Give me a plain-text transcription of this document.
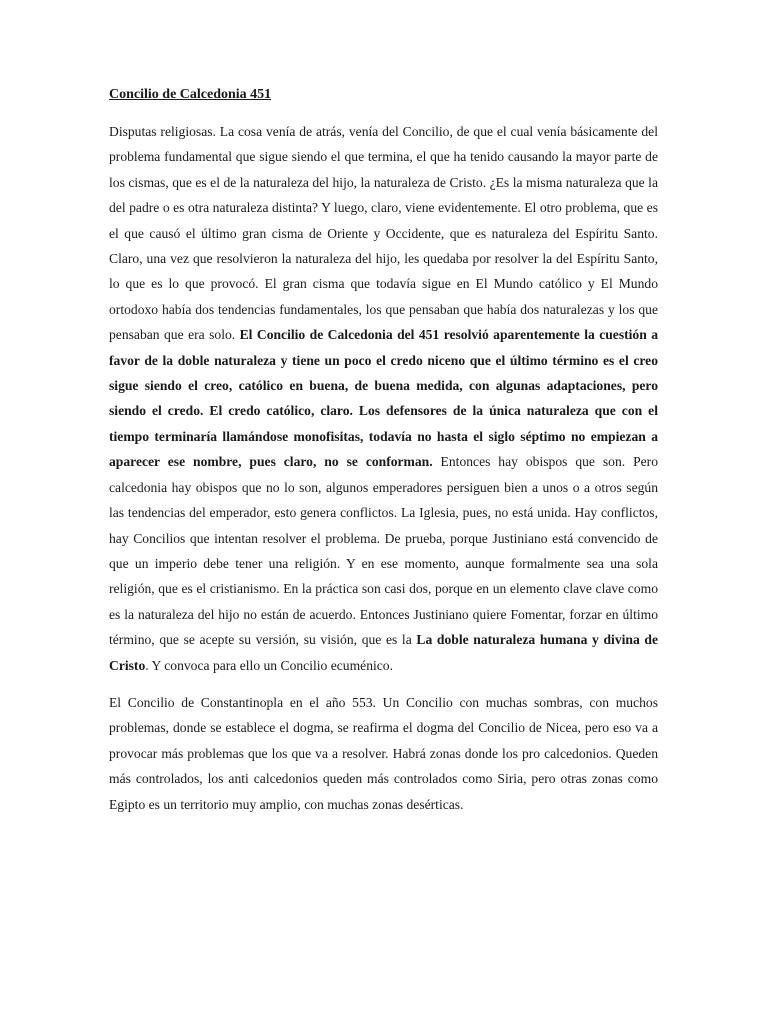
Concilio de Calcedonia 451

Disputas religiosas. La cosa venía de atrás, venía del Concilio, de que el cual venía básicamente del problema fundamental que sigue siendo el que termina, el que ha tenido causando la mayor parte de los cismas, que es el de la naturaleza del hijo, la naturaleza de Cristo. ¿Es la misma naturaleza que la del padre o es otra naturaleza distinta? Y luego, claro, viene evidentemente. El otro problema, que es el que causó el último gran cisma de Oriente y Occidente, que es naturaleza del Espíritu Santo. Claro, una vez que resolvieron la naturaleza del hijo, les quedaba por resolver la del Espíritu Santo, lo que es lo que provocó. El gran cisma que todavía sigue en El Mundo católico y El Mundo ortodoxo había dos tendencias fundamentales, los que pensaban que había dos naturalezas y los que pensaban que era solo. El Concilio de Calcedonia del 451 resolvió aparentemente la cuestión a favor de la doble naturaleza y tiene un poco el credo niceno que el último término es el creo sigue siendo el creo, católico en buena, de buena medida, con algunas adaptaciones, pero siendo el credo. El credo católico, claro. Los defensores de la única naturaleza que con el tiempo terminaría llamándose monofisitas, todavía no hasta el siglo séptimo no empiezan a aparecer ese nombre, pues claro, no se conforman. Entonces hay obispos que son. Pero calcedonia hay obispos que no lo son, algunos emperadores persiguen bien a unos o a otros según las tendencias del emperador, esto genera conflictos. La Iglesia, pues, no está unida. Hay conflictos, hay Concilios que intentan resolver el problema. De prueba, porque Justiniano está convencido de que un imperio debe tener una religión. Y en ese momento, aunque formalmente sea una sola religión, que es el cristianismo. En la práctica son casi dos, porque en un elemento clave clave como es la naturaleza del hijo no están de acuerdo. Entonces Justiniano quiere Fomentar, forzar en último término, que se acepte su versión, su visión, que es la La doble naturaleza humana y divina de Cristo. Y convoca para ello un Concilio ecuménico.

El Concilio de Constantinopla en el año 553. Un Concilio con muchas sombras, con muchos problemas, donde se establece el dogma, se reafirma el dogma del Concilio de Nicea, pero eso va a provocar más problemas que los que va a resolver. Habrá zonas donde los pro calcedonios. Queden más controlados, los anti calcedonios queden más controlados como Siria, pero otras zonas como Egipto es un territorio muy amplio, con muchas zonas desérticas.
